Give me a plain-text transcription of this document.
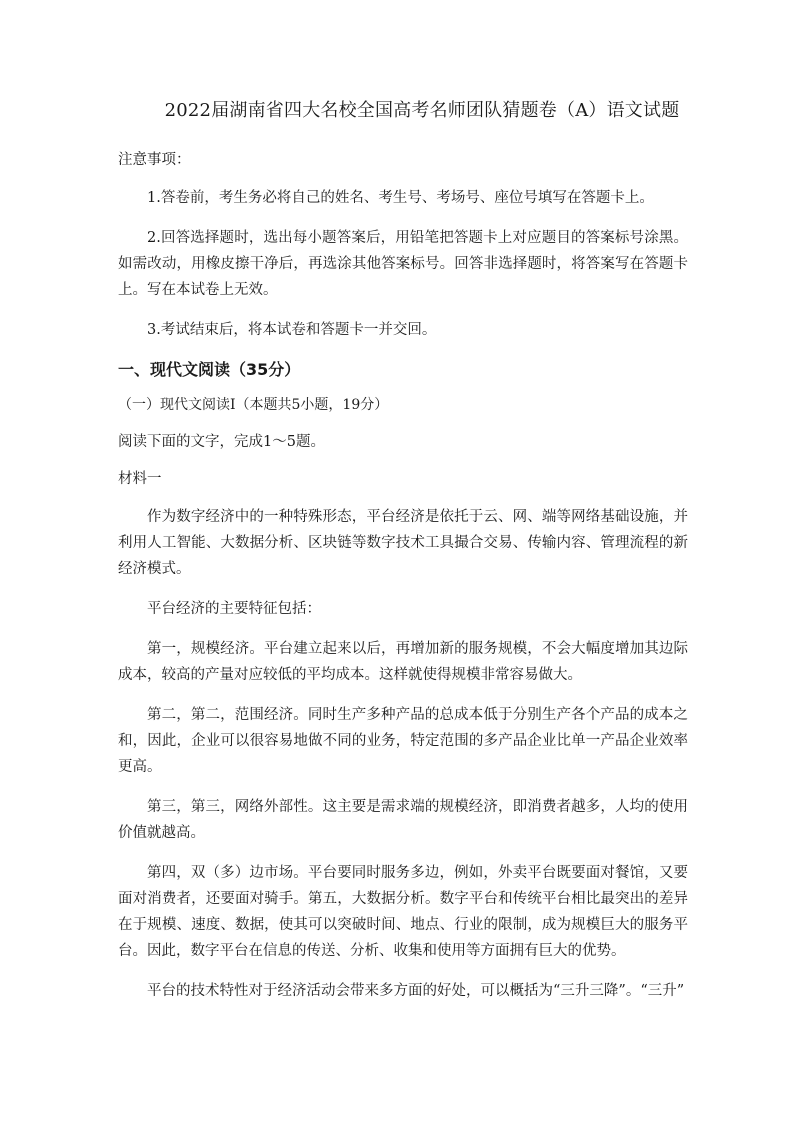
2022届湖南省四大名校全国高考名师团队猜题卷（A）语文试题
注意事项：

1.答卷前，考生务必将自己的姓名、考生号、考场号、座位号填写在答题卡上。

2.回答选择题时，选出每小题答案后，用铅笔把答题卡上对应题目的答案标号涂黑。如需改动，用橡皮擦干净后，再选涂其他答案标号。回答非选择题时，将答案写在答题卡上。写在本试卷上无效。

3.考试结束后，将本试卷和答题卡一并交回。

一、现代文阅读（35分）
（一）现代文阅读Ⅰ（本题共5小题，19分）
阅读下面的文字，完成1～5题。
材料一

作为数字经济中的一种特殊形态，平台经济是依托于云、网、端等网络基础设施，并利用人工智能、大数据分析、区块链等数字技术工具撮合交易、传输内容、管理流程的新经济模式。

平台经济的主要特征包括：

第一，规模经济。平台建立起来以后，再增加新的服务规模，不会大幅度增加其边际成本，较高的产量对应较低的平均成本。这样就使得规模非常容易做大。

第二，第二，范围经济。同时生产多种产品的总成本低于分别生产各个产品的成本之和，因此，企业可以很容易地做不同的业务，特定范围的多产品企业比单一产品企业效率更高。

第三，第三，网络外部性。这主要是需求端的规模经济，即消费者越多，人均的使用价值就越高。

第四，双（多）边市场。平台要同时服务多边，例如，外卖平台既要面对餐馆，又要面对消费者，还要面对骑手。第五，大数据分析。数字平台和传统平台相比最突出的差异在于规模、速度、数据，使其可以突破时间、地点、行业的限制，成为规模巨大的服务平台。因此，数字平台在信息的传送、分析、收集和使用等方面拥有巨大的优势。

平台的技术特性对于经济活动会带来多方面的好处，可以概括为“三升三降”。“三升”
